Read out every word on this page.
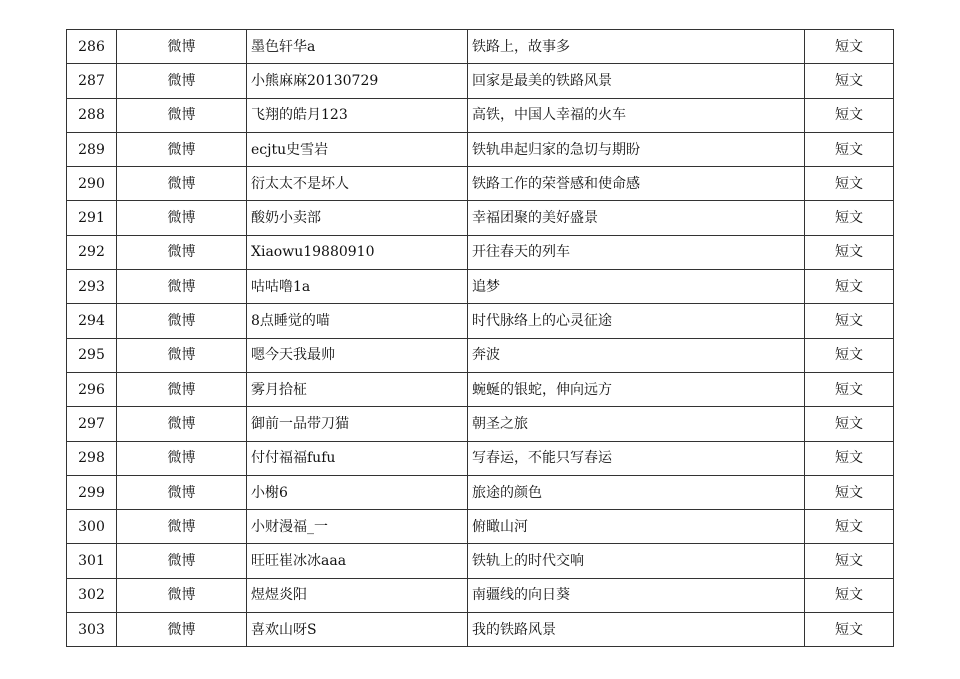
286	微博	墨色轩华a	铁路上，故事多	短文
287	微博	小熊麻麻20130729	回家是最美的铁路风景	短文
288	微博	飞翔的皓月123	高铁，中国人幸福的火车	短文
289	微博	ecjtu史雪岩	铁轨串起归家的急切与期盼	短文
290	微博	衍太太不是坏人	铁路工作的荣誉感和使命感	短文
291	微博	酸奶小卖部	幸福团聚的美好盛景	短文
292	微博	Xiaowu19880910	开往春天的列车	短文
293	微博	咕咕噜1a	追梦	短文
294	微博	8点睡觉的喵	时代脉络上的心灵征途	短文
295	微博	嗯今天我最帅	奔波	短文
296	微博	雾月拾柾	蜿蜒的银蛇，伸向远方	短文
297	微博	御前一品带刀猫	朝圣之旅	短文
298	微博	付付福福fufu	写春运，不能只写春运	短文
299	微博	小榭6	旅途的颜色	短文
300	微博	小财漫福_一	俯瞰山河	短文
301	微博	旺旺崔冰冰aaa	铁轨上的时代交响	短文
302	微博	煜煜炎阳	南疆线的向日葵	短文
303	微博	喜欢山呀S	我的铁路风景	短文
